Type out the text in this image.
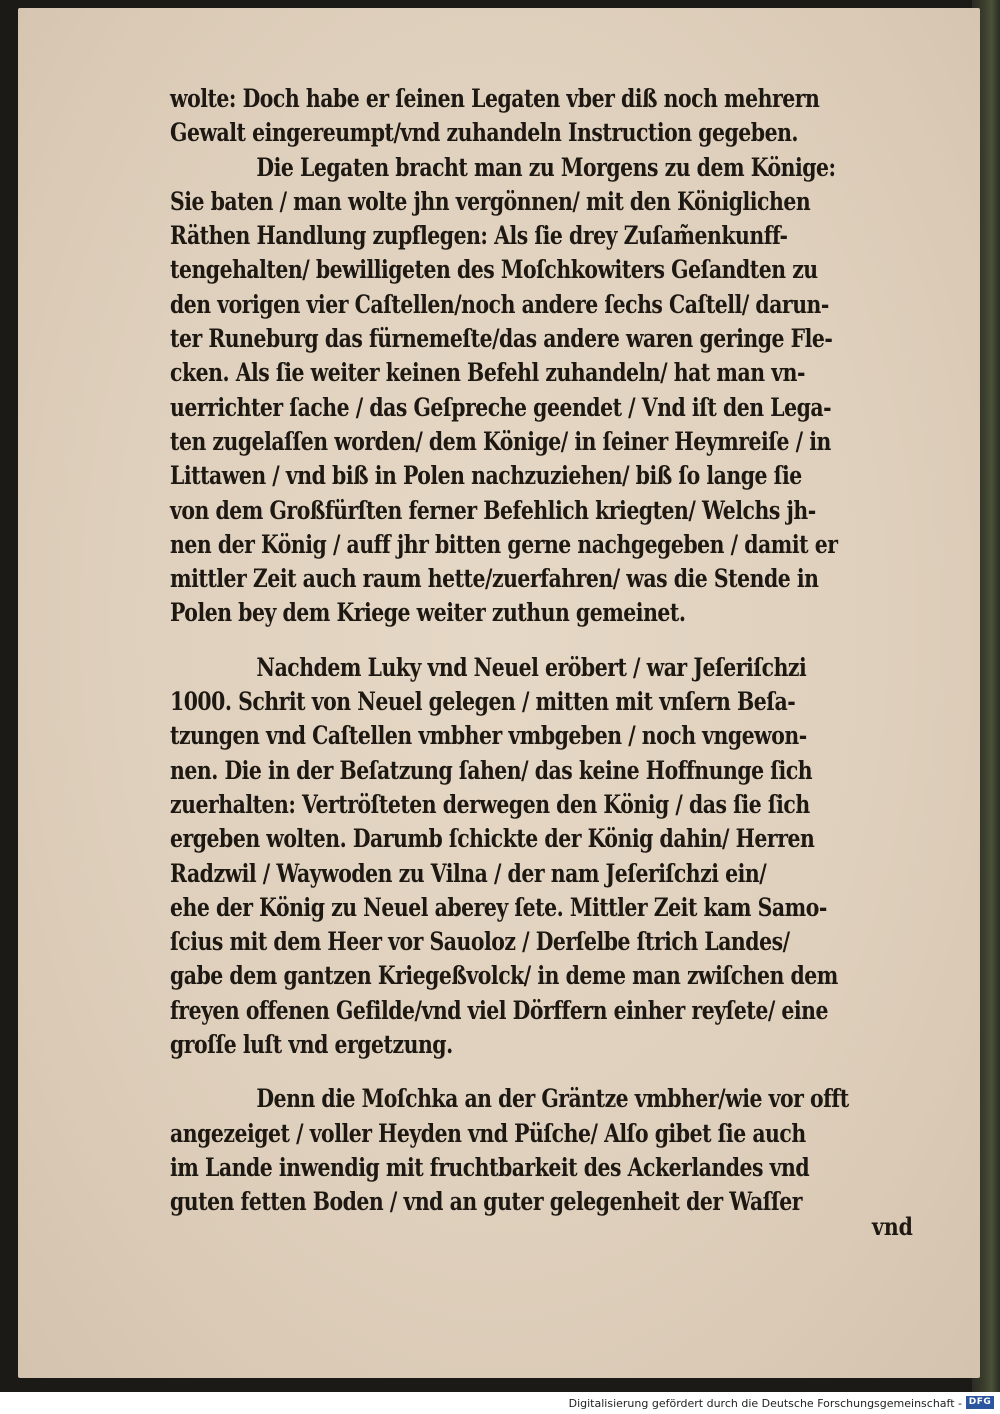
wolte: Doch habe er ſeinen Legaten vber diß noch mehrern
Gewalt eingereumpt/vnd zuhandeln Instruction gegeben.
Die Legaten bracht man zu Morgens zu dem Könige:
Sie baten / man wolte jhn vergönnen/ mit den Königlichen
Räthen Handlung zupflegen: Als ſie drey Zuſam̃enkunff-
tengehalten/ bewilligeten des Moſchkowiters Geſandten zu
den vorigen vier Caſtellen/noch andere ſechs Caſtell/ darun-
ter Runeburg das fürnemeſte/das andere waren geringe Fle-
cken. Als ſie weiter keinen Befehl zuhandeln/ hat man vn-
uerrichter ſache / das Geſpreche geendet / Vnd iſt den Lega-
ten zugelaſſen worden/ dem Könige/ in ſeiner Heymreiſe / in
Littawen / vnd biß in Polen nachzuziehen/ biß ſo lange ſie
von dem Großfürſten ferner Befehlich kriegten/ Welchs jh-
nen der König / auff jhr bitten gerne nachgegeben / damit er
mittler Zeit auch raum hette/zuerfahren/ was die Stende in
Polen bey dem Kriege weiter zuthun gemeinet.
Nachdem Luky vnd Neuel eröbert / war Jeſeriſchzi
1000. Schrit von Neuel gelegen / mitten mit vnſern Beſa-
tzungen vnd Caſtellen vmbher vmbgeben / noch vngewon-
nen. Die in der Beſatzung ſahen/ das keine Hoffnunge ſich
zuerhalten: Vertröſteten derwegen den König / das ſie ſich
ergeben wolten. Darumb ſchickte der König dahin/ Herren
Radzwil / Waywoden zu Vilna / der nam Jeſeriſchzi ein/
ehe der König zu Neuel aberey ſete. Mittler Zeit kam Samo-
ſcius mit dem Heer vor Sauoloz / Derſelbe ſtrich Landes/
gabe dem gantzen Kriegeßvolck/ in deme man zwiſchen dem
freyen offenen Gefilde/vnd viel Dörffern einher reyſete/ eine
groſſe luſt vnd ergetzung.
Denn die Moſchka an der Gräntze vmbher/wie vor offt
angezeiget / voller Heyden vnd Püſche/ Alſo gibet ſie auch
im Lande inwendig mit fruchtbarkeit des Ackerlandes vnd
guten fetten Boden / vnd an guter gelegenheit der Waſſer
vnd
Digitalisierung gefördert durch die Deutsche Forschungsgemeinschaft - DFG
